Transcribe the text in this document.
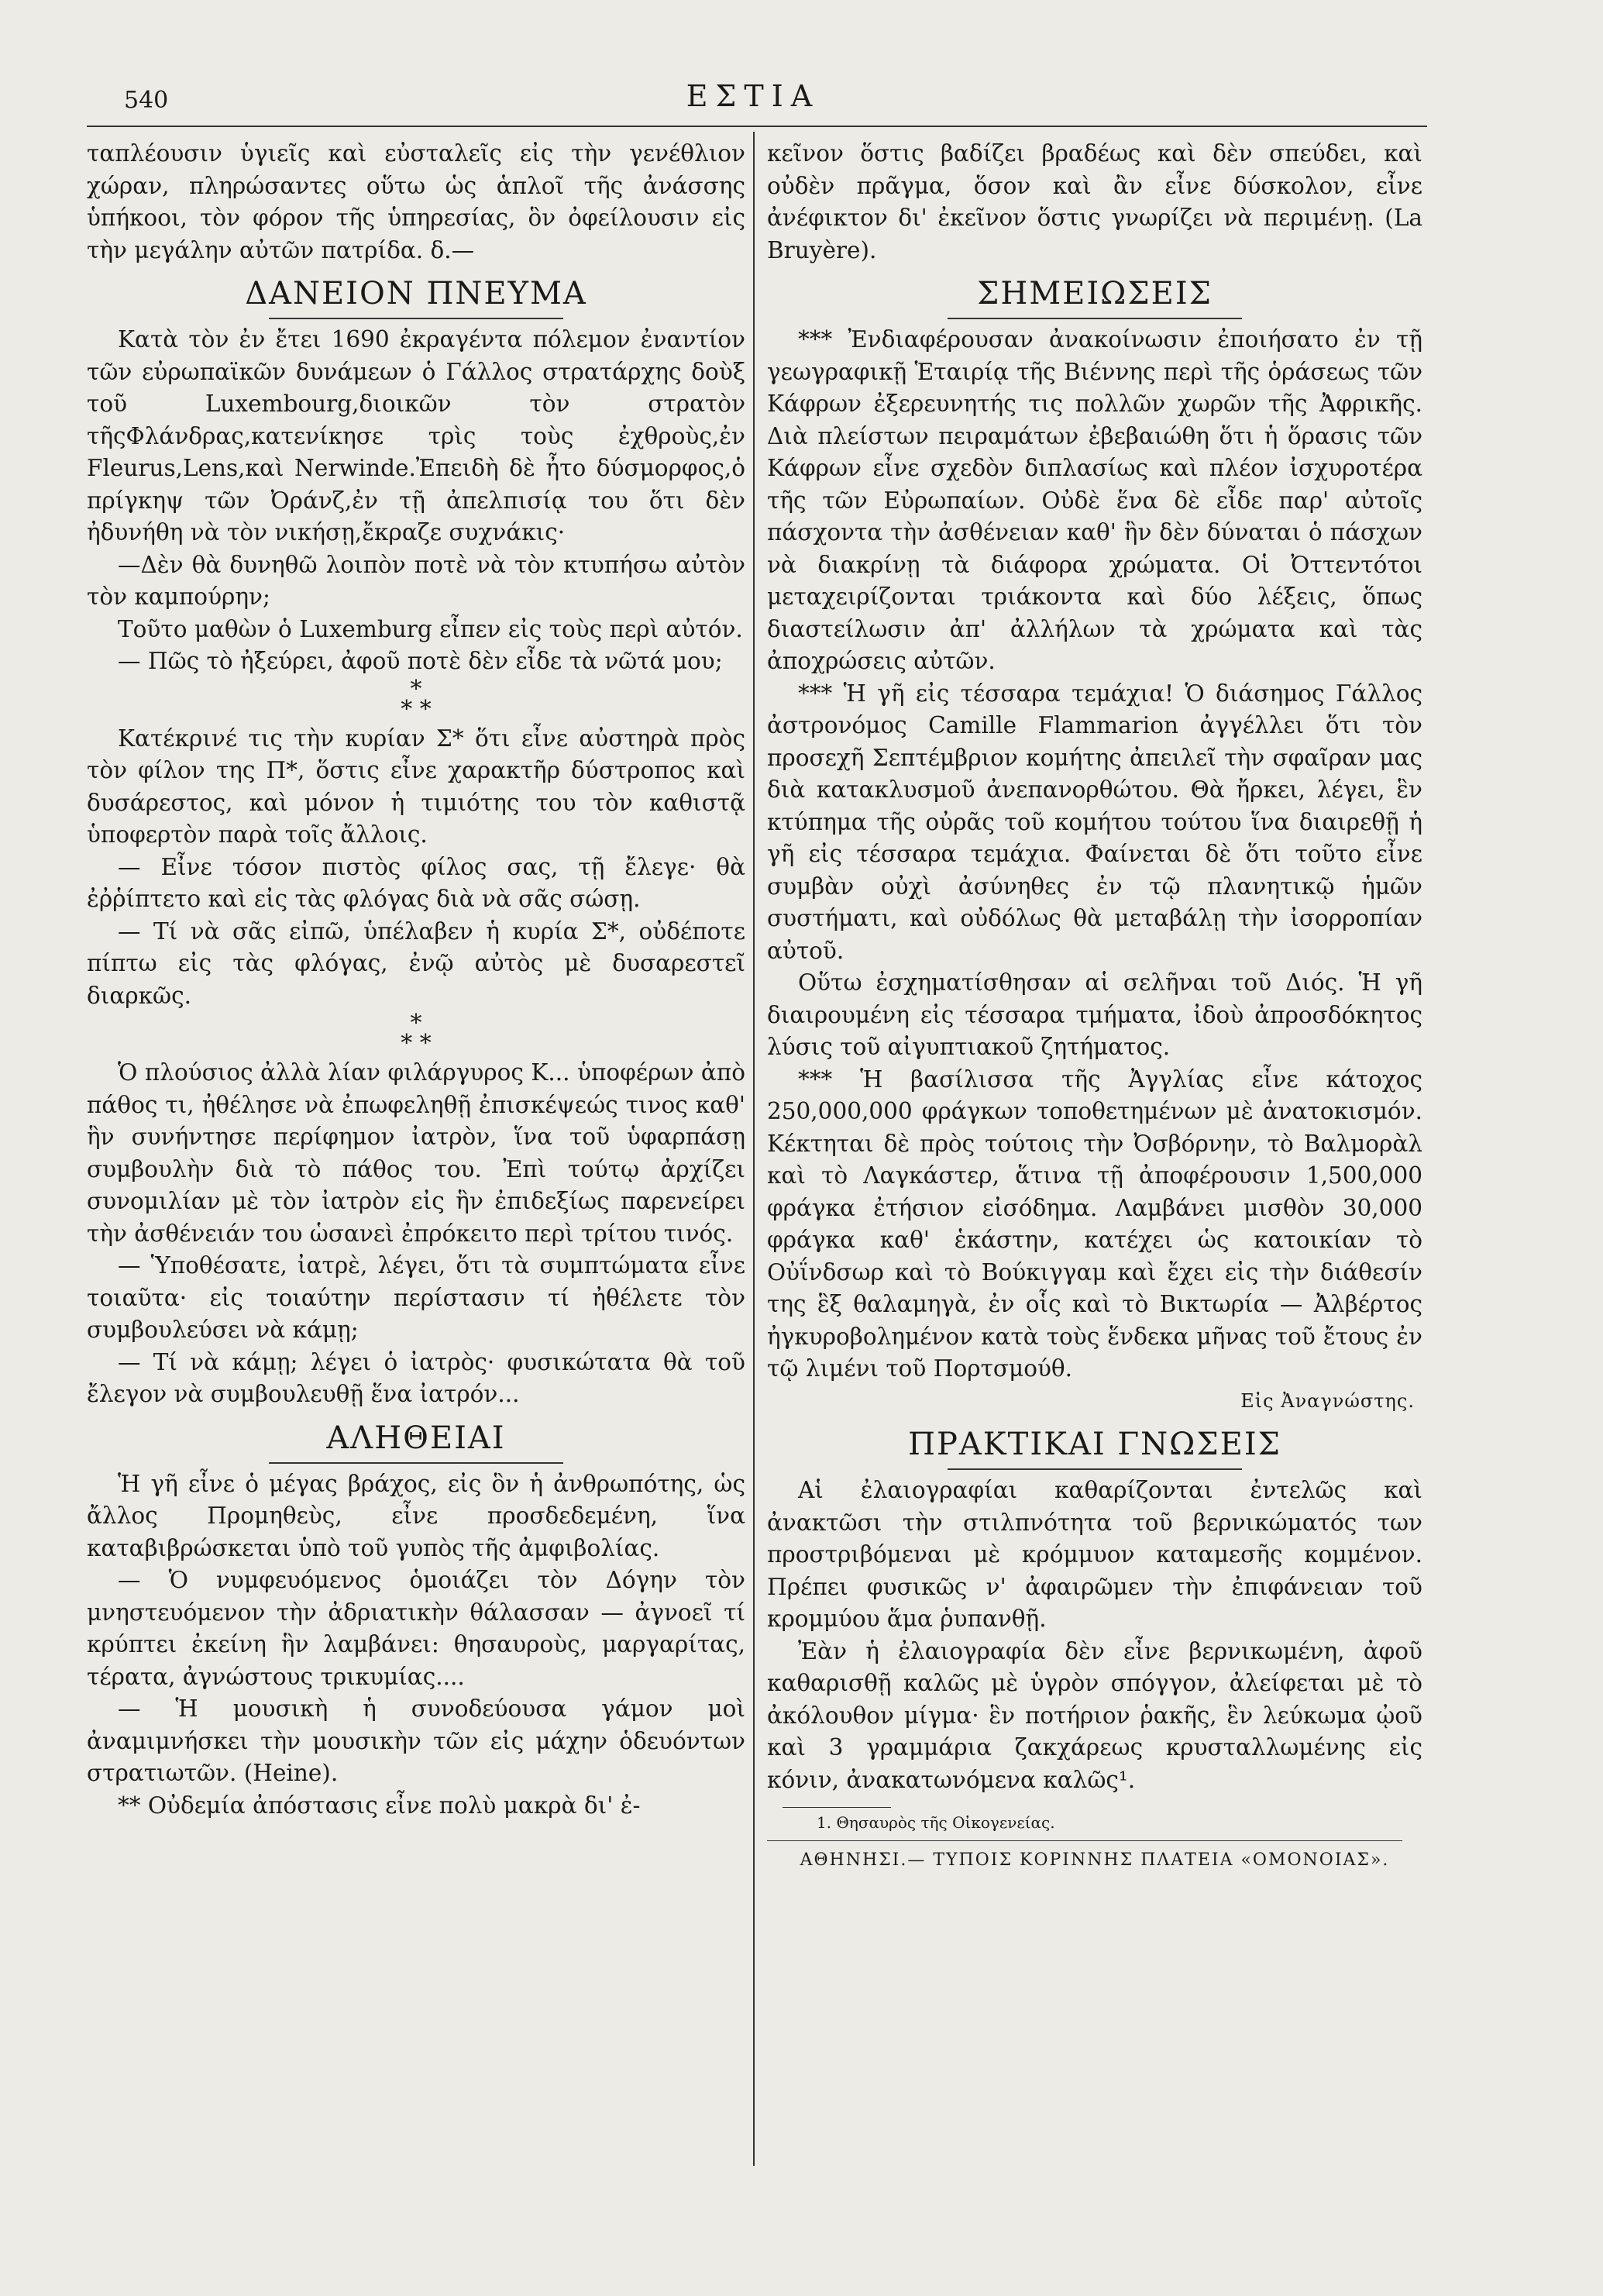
540	ΕΣΤΙΑ

ταπλέουσιν ὑγιεῖς καὶ εὐσταλεῖς εἰς τὴν γενέθλιον χώραν, πληρώσαντες οὕτω ὡς ἁπλοῖ τῆς ἀνάσσης ὑπήκοοι, τὸν φόρον τῆς ὑπηρεσίας, ὃν ὀφείλουσιν εἰς τὴν μεγάλην αὐτῶν πατρίδα. δ.—

ΔΑΝΕΙΟΝ ΠΝΕΥΜΑ

Κατὰ τὸν ἐν ἔτει 1690 ἐκραγέντα πόλεμον ἐναντίον τῶν εὐρωπαϊκῶν δυνάμεων ὁ Γάλλος στρατάρχης δοὺξ τοῦ Luxembourg,διοικῶν τὸν στρατὸν τῆςΦλάνδρας,κατενίκησε τρὶς τοὺς ἐχθροὺς,ἐν Fleurus,Lens,καὶ Nerwinde.Ἐπειδὴ δὲ ἦτο δύσμορφος,ὁ πρίγκηψ τῶν Ὀράνζ,ἐν τῇ ἀπελπισίᾳ του ὅτι δὲν ἠδυνήθη νὰ τὸν νικήσῃ,ἔκραζε συχνάκις·

—Δὲν θὰ δυνηθῶ λοιπὸν ποτὲ νὰ τὸν κτυπήσω αὐτὸν τὸν καμπούρην;

Τοῦτο μαθὼν ὁ Luxemburg εἶπεν εἰς τοὺς περὶ αὐτόν.

— Πῶς τὸ ἠξεύρει, ἀφοῦ ποτὲ δὲν εἶδε τὰ νῶτά μου;

*
* *

Κατέκρινέ τις τὴν κυρίαν Σ* ὅτι εἶνε αὐστηρὰ πρὸς τὸν φίλον της Π*, ὅστις εἶνε χαρακτῆρ δύστροπος καὶ δυσάρεστος, καὶ μόνον ἡ τιμιότης του τὸν καθιστᾷ ὑποφερτὸν παρὰ τοῖς ἄλλοις.

— Εἶνε τόσον πιστὸς φίλος σας, τῇ ἔλεγε· θὰ ἐῤῥίπτετο καὶ εἰς τὰς φλόγας διὰ νὰ σᾶς σώσῃ.

— Τί νὰ σᾶς εἰπῶ, ὑπέλαβεν ἡ κυρία Σ*, οὐδέποτε πίπτω εἰς τὰς φλόγας, ἐνῷ αὐτὸς μὲ δυσαρεστεῖ διαρκῶς.

*
* *

Ὁ πλούσιος ἀλλὰ λίαν φιλάργυρος Κ... ὑποφέρων ἀπὸ πάθος τι, ἠθέλησε νὰ ἐπωφεληθῇ ἐπισκέψεώς τινος καθ' ἣν συνήντησε περίφημον ἰατρὸν, ἵνα τοῦ ὑφαρπάσῃ συμβουλὴν διὰ τὸ πάθος του. Ἐπὶ τούτῳ ἀρχίζει συνομιλίαν μὲ τὸν ἰατρὸν εἰς ἣν ἐπιδεξίως παρενείρει τὴν ἀσθένειάν του ὡσανεὶ ἐπρόκειτο περὶ τρίτου τινός.

— Ὑποθέσατε, ἰατρὲ, λέγει, ὅτι τὰ συμπτώματα εἶνε τοιαῦτα· εἰς τοιαύτην περίστασιν τί ἠθέλετε τὸν συμβουλεύσει νὰ κάμῃ;

— Τί νὰ κάμῃ; λέγει ὁ ἰατρὸς· φυσικώτατα θὰ τοῦ ἔλεγον νὰ συμβουλευθῇ ἕνα ἰατρόν...

ΑΛΗΘΕΙΑΙ

Ἡ γῆ εἶνε ὁ μέγας βράχος, εἰς ὃν ἡ ἀνθρωπότης, ὡς ἄλλος Προμηθεὺς, εἶνε προσδεδεμένη, ἵνα καταβιβρώσκεται ὑπὸ τοῦ γυπὸς τῆς ἀμφιβολίας.

— Ὁ νυμφευόμενος ὁμοιάζει τὸν Δόγην τὸν μνηστευόμενον τὴν ἀδριατικὴν θάλασσαν — ἀγνοεῖ τί κρύπτει ἐκείνη ἣν λαμβάνει: θησαυροὺς, μαργαρίτας, τέρατα, ἀγνώστους τρικυμίας....

— Ἡ μουσικὴ ἡ συνοδεύουσα γάμον μοὶ ἀναμιμνήσκει τὴν μουσικὴν τῶν εἰς μάχην ὁδευόντων στρατιωτῶν. (Heine).

** Οὐδεμία ἀπόστασις εἶνε πολὺ μακρὰ δι' ἐ-

κεῖνον ὅστις βαδίζει βραδέως καὶ δὲν σπεύδει, καὶ οὐδὲν πρᾶγμα, ὅσον καὶ ἂν εἶνε δύσκολον, εἶνε ἀνέφικτον δι' ἐκεῖνον ὅστις γνωρίζει νὰ περιμένῃ. (La Bruyère).

ΣΗΜΕΙΩΣΕΙΣ

*** Ἐνδιαφέρουσαν ἀνακοίνωσιν ἐποιήσατο ἐν τῇ γεωγραφικῇ Ἑταιρίᾳ τῆς Βιέννης περὶ τῆς ὁράσεως τῶν Κάφρων ἐξερευνητής τις πολλῶν χωρῶν τῆς Ἀφρικῆς. Διὰ πλείστων πειραμάτων ἐβεβαιώθη ὅτι ἡ ὅρασις τῶν Κάφρων εἶνε σχεδὸν διπλασίως καὶ πλέον ἰσχυροτέρα τῆς τῶν Εὐρωπαίων. Οὐδὲ ἕνα δὲ εἶδε παρ' αὐτοῖς πάσχοντα τὴν ἀσθένειαν καθ' ἣν δὲν δύναται ὁ πάσχων νὰ διακρίνῃ τὰ διάφορα χρώματα. Οἱ Ὀττεντότοι μεταχειρίζονται τριάκοντα καὶ δύο λέξεις, ὅπως διαστείλωσιν ἀπ' ἀλλήλων τὰ χρώματα καὶ τὰς ἀποχρώσεις αὐτῶν.

*** Ἡ γῆ εἰς τέσσαρα τεμάχια! Ὁ διάσημος Γάλλος ἀστρονόμος Camille Flammarion ἀγγέλλει ὅτι τὸν προσεχῆ Σεπτέμβριον κομήτης ἀπειλεῖ τὴν σφαῖραν μας διὰ κατακλυσμοῦ ἀνεπανορθώτου. Θὰ ἤρκει, λέγει, ἓν κτύπημα τῆς οὐρᾶς τοῦ κομήτου τούτου ἵνα διαιρεθῇ ἡ γῆ εἰς τέσσαρα τεμάχια. Φαίνεται δὲ ὅτι τοῦτο εἶνε συμβὰν οὐχὶ ἀσύνηθες ἐν τῷ πλανητικῷ ἡμῶν συστήματι, καὶ οὐδόλως θὰ μεταβάλῃ τὴν ἰσορροπίαν αὐτοῦ.

Οὕτω ἐσχηματίσθησαν αἱ σελῆναι τοῦ Διός. Ἡ γῆ διαιρουμένη εἰς τέσσαρα τμήματα, ἰδοὺ ἀπροσδόκητος λύσις τοῦ αἰγυπτιακοῦ ζητήματος.

*** Ἡ βασίλισσα τῆς Ἀγγλίας εἶνε κάτοχος 250,000,000 φράγκων τοποθετημένων μὲ ἀνατοκισμόν. Κέκτηται δὲ πρὸς τούτοις τὴν Ὀσβόρνην, τὸ Βαλμορὰλ καὶ τὸ Λαγκάστερ, ἅτινα τῇ ἀποφέρουσιν 1,500,000 φράγκα ἐτήσιον εἰσόδημα. Λαμβάνει μισθὸν 30,000 φράγκα καθ' ἑκάστην, κατέχει ὡς κατοικίαν τὸ Οὐΐνδσωρ καὶ τὸ Βούκιγγαμ καὶ ἔχει εἰς τὴν διάθεσίν της ἓξ θαλαμηγὰ, ἐν οἷς καὶ τὸ Βικτωρία — Ἀλβέρτος ἠγκυροβολημένον κατὰ τοὺς ἕνδεκα μῆνας τοῦ ἔτους ἐν τῷ λιμένι τοῦ Πορτσμούθ.

Εἰς Ἀναγνώστης.
ΠΡΑΚΤΙΚΑΙ ΓΝΩΣΕΙΣ

Αἱ ἐλαιογραφίαι καθαρίζονται ἐντελῶς καὶ ἀνακτῶσι τὴν στιλπνότητα τοῦ βερνικώματός των προστριβόμεναι μὲ κρόμμυον καταμεσῆς κομμένον. Πρέπει φυσικῶς ν' ἀφαιρῶμεν τὴν ἐπιφάνειαν τοῦ κρομμύου ἅμα ῥυπανθῇ.

Ἐὰν ἡ ἐλαιογραφία δὲν εἶνε βερνικωμένη, ἀφοῦ καθαρισθῇ καλῶς μὲ ὑγρὸν σπόγγον, ἀλείφεται μὲ τὸ ἀκόλουθον μίγμα· ἓν ποτήριον ῥακῆς, ἓν λεύκωμα ᾠοῦ καὶ 3 γραμμάρια ζακχάρεως κρυσταλλωμένης εἰς κόνιν, ἀνακατωνόμενα καλῶς¹.

1. Θησαυρὸς τῆς Οἰκογενείας.
ΑΘΗΝΗΣΙ.— ΤΥΠΟΙΣ ΚΟΡΙΝΝΗΣ ΠΛΑΤΕΙΑ «ΟΜΟΝΟΙΑΣ».
